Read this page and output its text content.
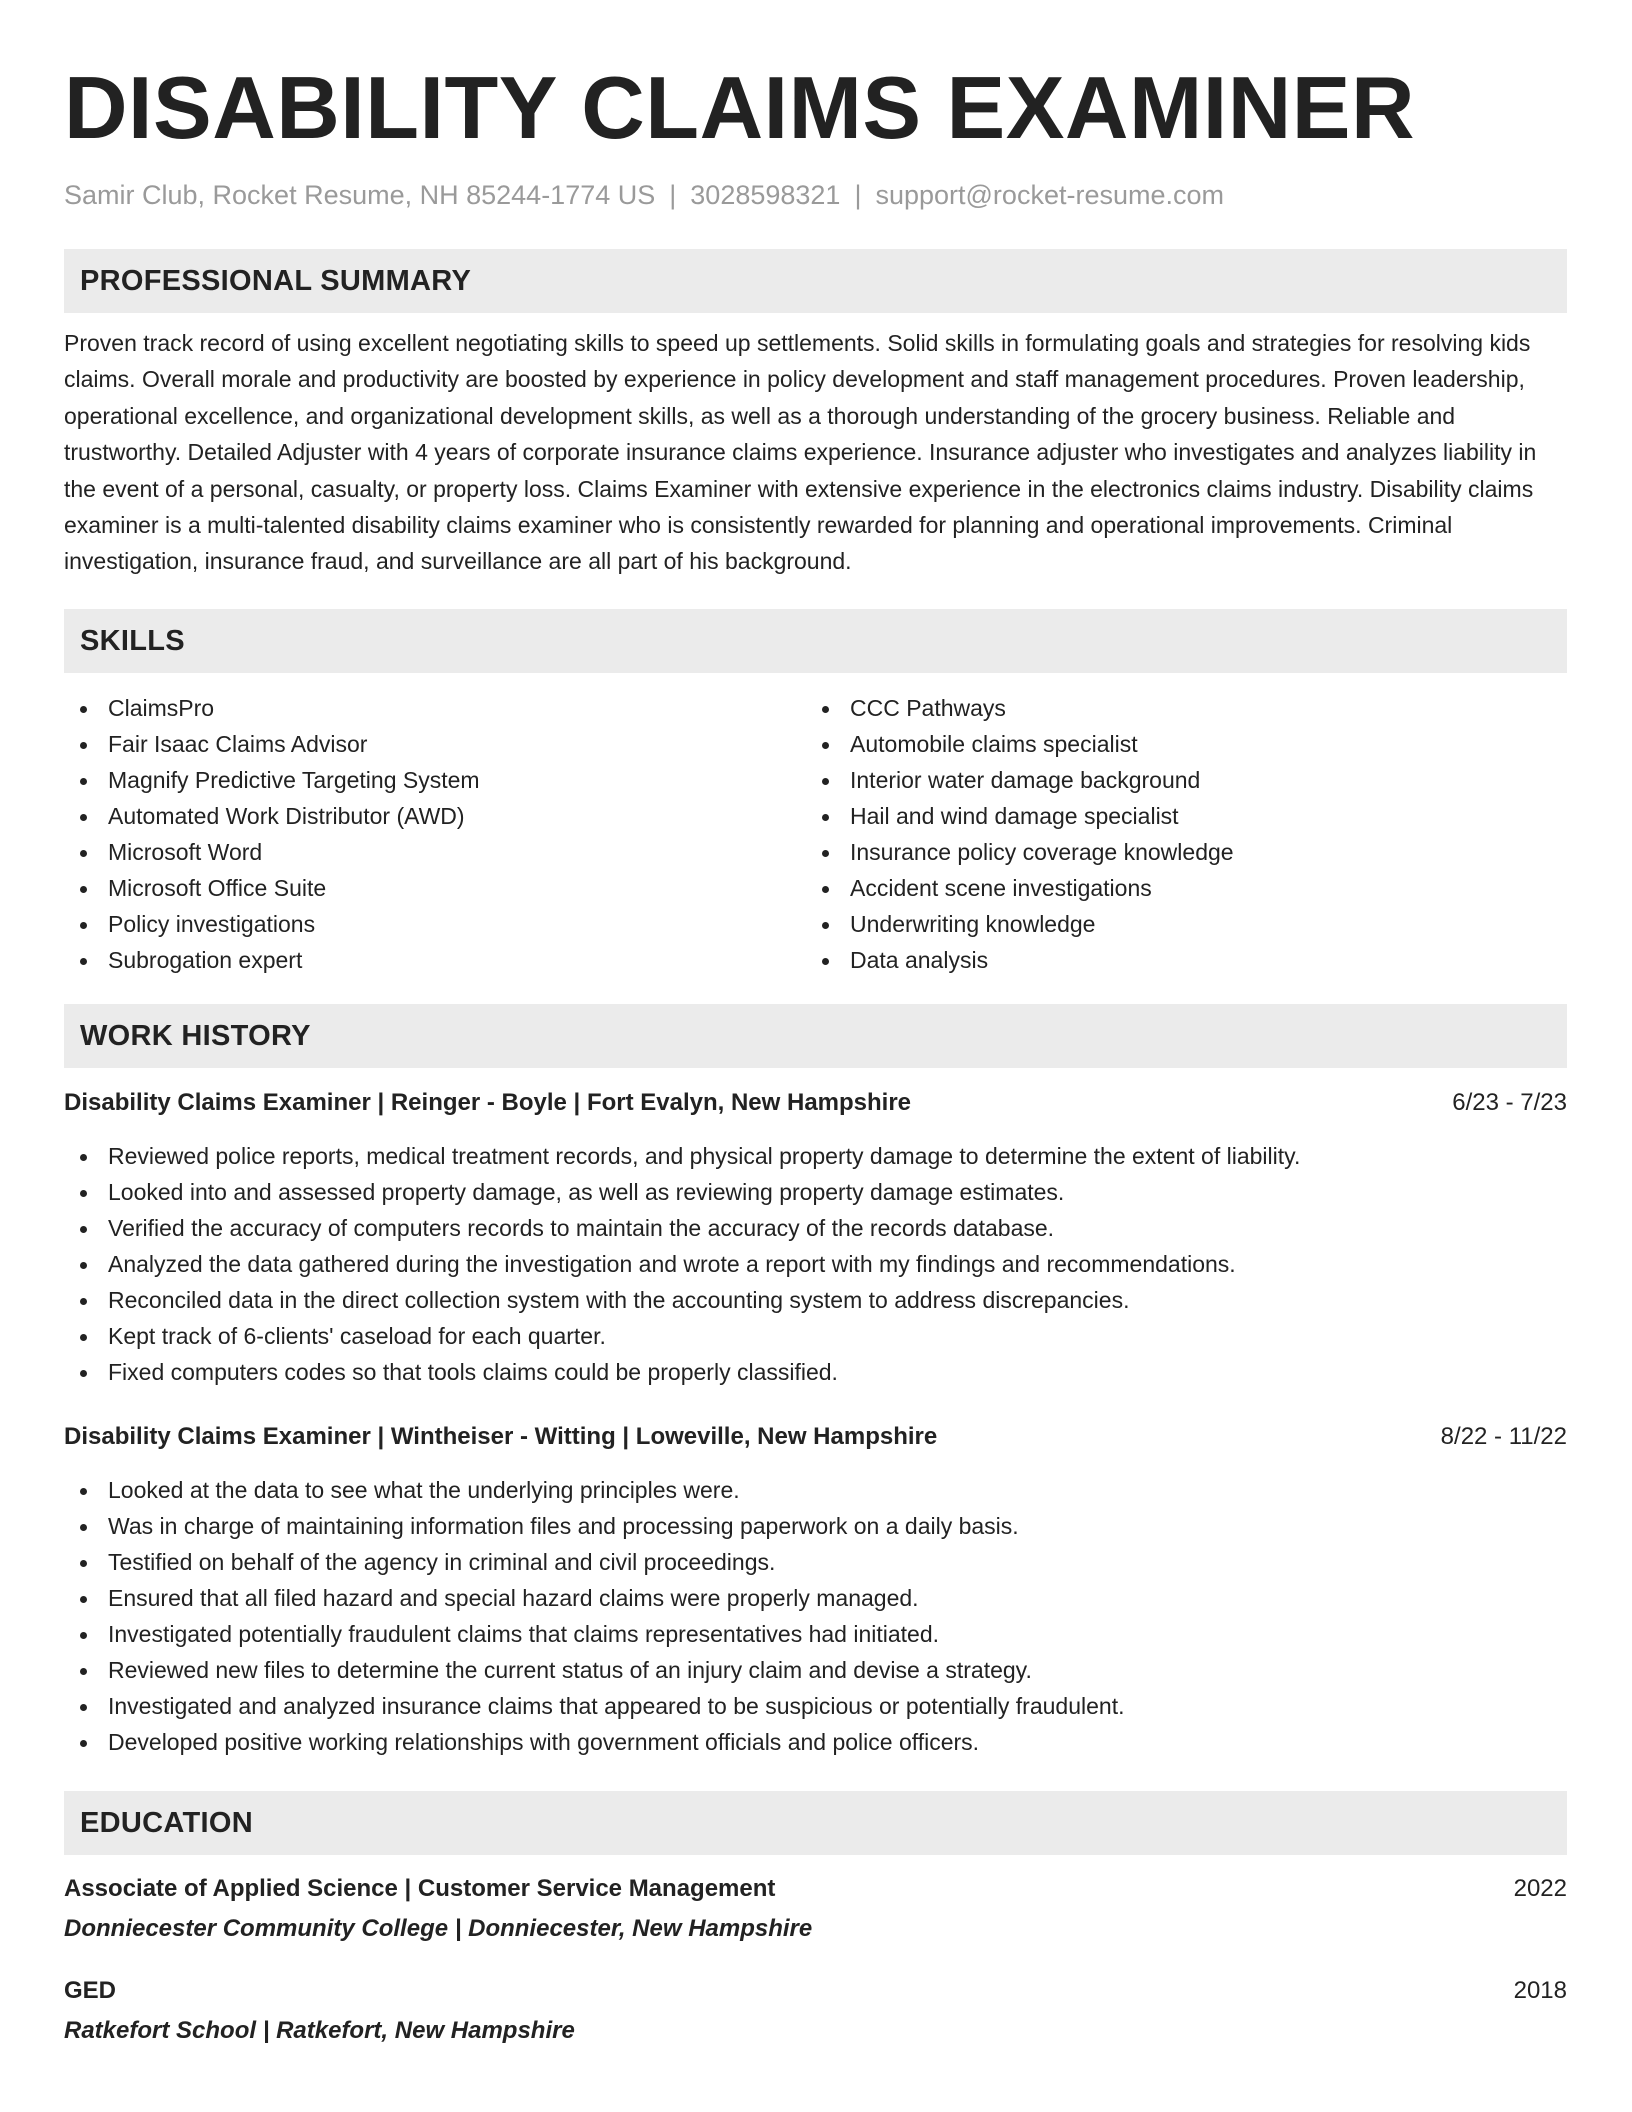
DISABILITY CLAIMS EXAMINER
Samir Club, Rocket Resume, NH 85244-1774 US | 3028598321 | support@rocket-resume.com
PROFESSIONAL SUMMARY
Proven track record of using excellent negotiating skills to speed up settlements. Solid skills in formulating goals and strategies for resolving kids claims. Overall morale and productivity are boosted by experience in policy development and staff management procedures. Proven leadership, operational excellence, and organizational development skills, as well as a thorough understanding of the grocery business. Reliable and trustworthy. Detailed Adjuster with 4 years of corporate insurance claims experience. Insurance adjuster who investigates and analyzes liability in the event of a personal, casualty, or property loss. Claims Examiner with extensive experience in the electronics claims industry. Disability claims examiner is a multi-talented disability claims examiner who is consistently rewarded for planning and operational improvements. Criminal investigation, insurance fraud, and surveillance are all part of his background.
SKILLS
ClaimsPro
Fair Isaac Claims Advisor
Magnify Predictive Targeting System
Automated Work Distributor (AWD)
Microsoft Word
Microsoft Office Suite
Policy investigations
Subrogation expert
CCC Pathways
Automobile claims specialist
Interior water damage background
Hail and wind damage specialist
Insurance policy coverage knowledge
Accident scene investigations
Underwriting knowledge
Data analysis
WORK HISTORY
Disability Claims Examiner | Reinger - Boyle | Fort Evalyn, New Hampshire	6/23 - 7/23
Reviewed police reports, medical treatment records, and physical property damage to determine the extent of liability.
Looked into and assessed property damage, as well as reviewing property damage estimates.
Verified the accuracy of computers records to maintain the accuracy of the records database.
Analyzed the data gathered during the investigation and wrote a report with my findings and recommendations.
Reconciled data in the direct collection system with the accounting system to address discrepancies.
Kept track of 6-clients' caseload for each quarter.
Fixed computers codes so that tools claims could be properly classified.
Disability Claims Examiner | Wintheiser - Witting | Loweville, New Hampshire	8/22 - 11/22
Looked at the data to see what the underlying principles were.
Was in charge of maintaining information files and processing paperwork on a daily basis.
Testified on behalf of the agency in criminal and civil proceedings.
Ensured that all filed hazard and special hazard claims were properly managed.
Investigated potentially fraudulent claims that claims representatives had initiated.
Reviewed new files to determine the current status of an injury claim and devise a strategy.
Investigated and analyzed insurance claims that appeared to be suspicious or potentially fraudulent.
Developed positive working relationships with government officials and police officers.
EDUCATION
Associate of Applied Science | Customer Service Management	2022
Donniecester Community College | Donniecester, New Hampshire
GED	2018
Ratkefort School | Ratkefort, New Hampshire
